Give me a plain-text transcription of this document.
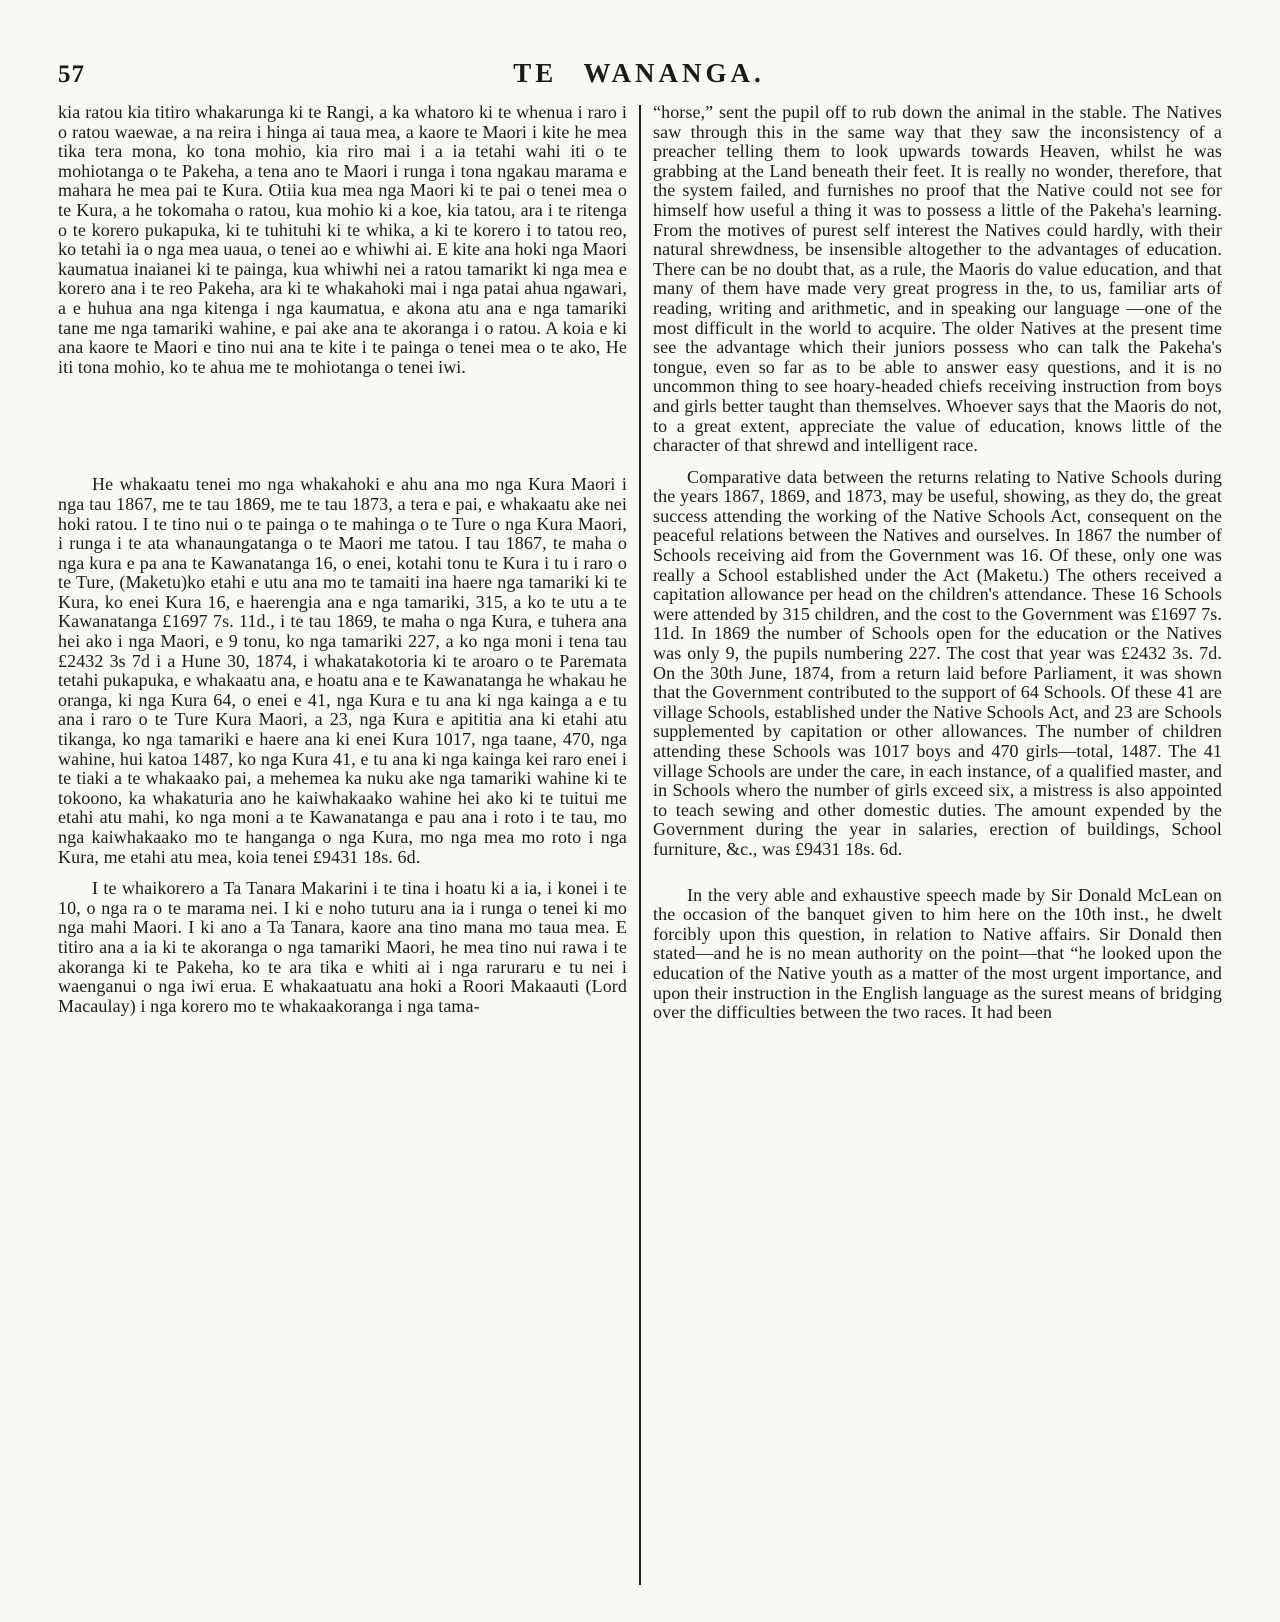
57	TE WANANGA.

kia ratou kia titiro whakarunga ki te Rangi, a ka whatoro ki te whenua i raro i o ratou waewae, a na reira i hinga ai taua mea, a kaore te Maori i kite he mea tika tera mona, ko tona mohio, kia riro mai i a ia tetahi wahi iti o te mohiotanga o te Pakeha, a tena ano te Maori i runga i tona ngakau marama e mahara he mea pai te Kura. Otiia kua mea nga Maori ki te pai o tenei mea o te Kura, a he tokomaha o ratou, kua mohio ki a koe, kia tatou, ara i te ritenga o te korero pukapuka, ki te tuhituhi ki te whika, a ki te korero i to tatou reo, ko tetahi ia o nga mea uaua, o tenei ao e whiwhi ai. E kite ana hoki nga Maori kaumatua inaianei ki te painga, kua whiwhi nei a ratou tamarikt ki nga mea e korero ana i te reo Pakeha, ara ki te whakahoki mai i nga patai ahua ngawari, a e huhua ana nga kitenga i nga kaumatua, e akona atu ana e nga tamariki tane me nga tamariki wahine, e pai ake ana te akoranga i o ratou. A koia e ki ana kaore te Maori e tino nui ana te kite i te painga o tenei mea o te ako, He iti tona mohio, ko te ahua me te mohiotanga o tenei iwi.

He whakaatu tenei mo nga whakahoki e ahu ana mo nga Kura Maori i nga tau 1867, me te tau 1869, me te tau 1873, a tera e pai, e whakaatu ake nei hoki ratou. I te tino nui o te painga o te mahinga o te Ture o nga Kura Maori, i runga i te ata whanaungatanga o te Maori me tatou. I tau 1867, te maha o nga kura e pa ana te Kawanatanga 16, o enei, kotahi tonu te Kura i tu i raro o te Ture, (Maketu)ko etahi e utu ana mo te tamaiti ina haere nga tamariki ki te Kura, ko enei Kura 16, e haerengia ana e nga tamariki, 315, a ko te utu a te Kawanatanga £1697 7s. 11d., i te tau 1869, te maha o nga Kura, e tuhera ana hei ako i nga Maori, e 9 tonu, ko nga tamariki 227, a ko nga moni i tena tau £2432 3s 7d i a Hune 30, 1874, i whakatakotoria ki te aroaro o te Paremata tetahi pukapuka, e whakaatu ana, e hoatu ana e te Kawanatanga he whakau he oranga, ki nga Kura 64, o enei e 41, nga Kura e tu ana ki nga kainga a e tu ana i raro o te Ture Kura Maori, a 23, nga Kura e apititia ana ki etahi atu tikanga, ko nga tamariki e haere ana ki enei Kura 1017, nga taane, 470, nga wahine, hui katoa 1487, ko nga Kura 41, e tu ana ki nga kainga kei raro enei i te tiaki a te whakaako pai, a mehemea ka nuku ake nga tamariki wahine ki te tokoono, ka whakaturia ano he kaiwhakaako wahine hei ako ki te tuitui me etahi atu mahi, ko nga moni a te Kawanatanga e pau ana i roto i te tau, mo nga kaiwhakaako mo te hanganga o nga Kura, mo nga mea mo roto i nga Kura, me etahi atu mea, koia tenei £9431 18s. 6d.

I te whaikorero a Ta Tanara Makarini i te tina i hoatu ki a ia, i konei i te 10, o nga ra o te marama nei. I ki e noho tuturu ana ia i runga o tenei ki mo nga mahi Maori. I ki ano a Ta Tanara, kaore ana tino mana mo taua mea. E titiro ana a ia ki te akoranga o nga tamariki Maori, he mea tino nui rawa i te akoranga ki te Pakeha, ko te ara tika e whiti ai i nga raruraru e tu nei i waenganui o nga iwi erua. E whakaatuatu ana hoki a Roori Makaauti (Lord Macaulay) i nga korero mo te whakaakoranga i nga tama-

“horse,” sent the pupil off to rub down the animal in the stable. The Natives saw through this in the same way that they saw the inconsistency of a preacher telling them to look upwards towards Heaven, whilst he was grabbing at the Land beneath their feet. It is really no wonder, therefore, that the system failed, and furnishes no proof that the Native could not see for himself how useful a thing it was to possess a little of the Pakeha's learning. From the motives of purest self interest the Natives could hardly, with their natural shrewdness, be insensible altogether to the advantages of education. There can be no doubt that, as a rule, the Maoris do value education, and that many of them have made very great progress in the, to us, familiar arts of reading, writing and arithmetic, and in speaking our language —one of the most difficult in the world to acquire. The older Natives at the present time see the advantage which their juniors possess who can talk the Pakeha's tongue, even so far as to be able to answer easy questions, and it is no uncommon thing to see hoary-headed chiefs receiving instruction from boys and girls better taught than themselves. Whoever says that the Maoris do not, to a great extent, appreciate the value of education, knows little of the character of that shrewd and intelligent race.

Comparative data between the returns relating to Native Schools during the years 1867, 1869, and 1873, may be useful, showing, as they do, the great success attending the working of the Native Schools Act, consequent on the peaceful relations between the Natives and ourselves. In 1867 the number of Schools receiving aid from the Government was 16. Of these, only one was really a School established under the Act (Maketu.) The others received a capitation allowance per head on the children's attendance. These 16 Schools were attended by 315 children, and the cost to the Government was £1697 7s. 11d. In 1869 the number of Schools open for the education or the Natives was only 9, the pupils numbering 227. The cost that year was £2432 3s. 7d. On the 30th June, 1874, from a return laid before Parliament, it was shown that the Government contributed to the support of 64 Schools. Of these 41 are village Schools, established under the Native Schools Act, and 23 are Schools supplemented by capitation or other allowances. The number of children attending these Schools was 1017 boys and 470 girls—total, 1487. The 41 village Schools are under the care, in each instance, of a qualified master, and in Schools whero the number of girls exceed six, a mistress is also appointed to teach sewing and other domestic duties. The amount expended by the Government during the year in salaries, erection of buildings, School furniture, &c., was £9431 18s. 6d.

In the very able and exhaustive speech made by Sir Donald McLean on the occasion of the banquet given to him here on the 10th inst., he dwelt forcibly upon this question, in relation to Native affairs. Sir Donald then stated—and he is no mean authority on the point—that “he looked upon the education of the Native youth as a matter of the most urgent importance, and upon their instruction in the English language as the surest means of bridging over the difficulties between the two races. It had been
